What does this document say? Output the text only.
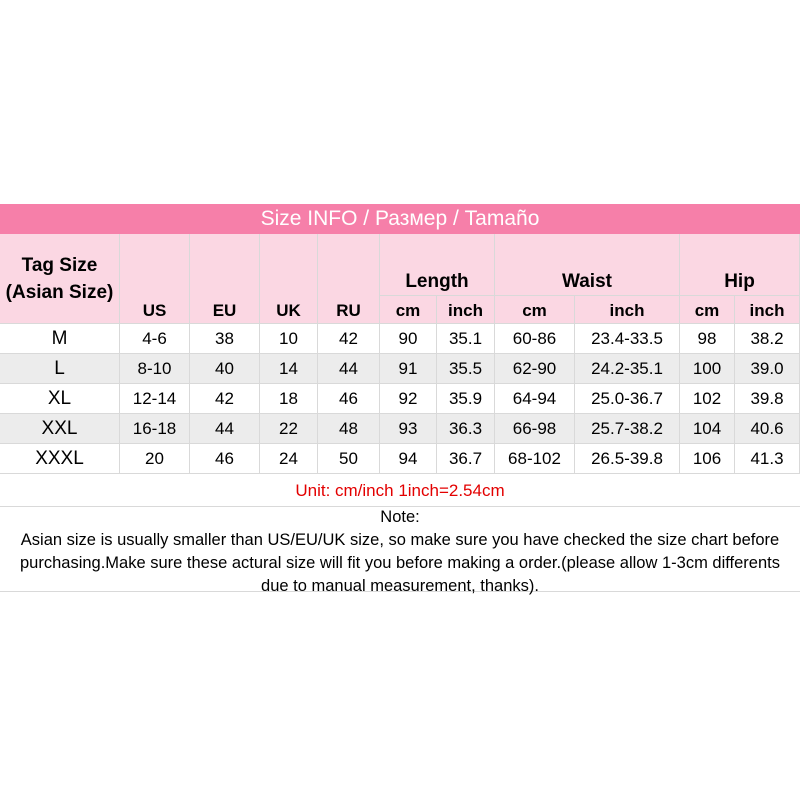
Size INFO / Размер / Tamaño
Tag Size (Asian Size)
US	EU	UK	RU
Length
cm	inch
Waist
cm	inch
Hip
cm	inch
M	4-6	38	10	42	90	35.1	60-86	23.4-33.5	98	38.2
L	8-10	40	14	44	91	35.5	62-90	24.2-35.1	100	39.0
XL	12-14	42	18	46	92	35.9	64-94	25.0-36.7	102	39.8
XXL	16-18	44	22	48	93	36.3	66-98	25.7-38.2	104	40.6
XXXL	20	46	24	50	94	36.7	68-102	26.5-39.8	106	41.3
Unit: cm/inch 1inch=2.54cm
Note:
Asian size is usually smaller than US/EU/UK size, so make sure you have checked the size chart before purchasing.Make sure these actural size will fit you before making a order.(please allow 1-3cm differents due to manual measurement, thanks).
